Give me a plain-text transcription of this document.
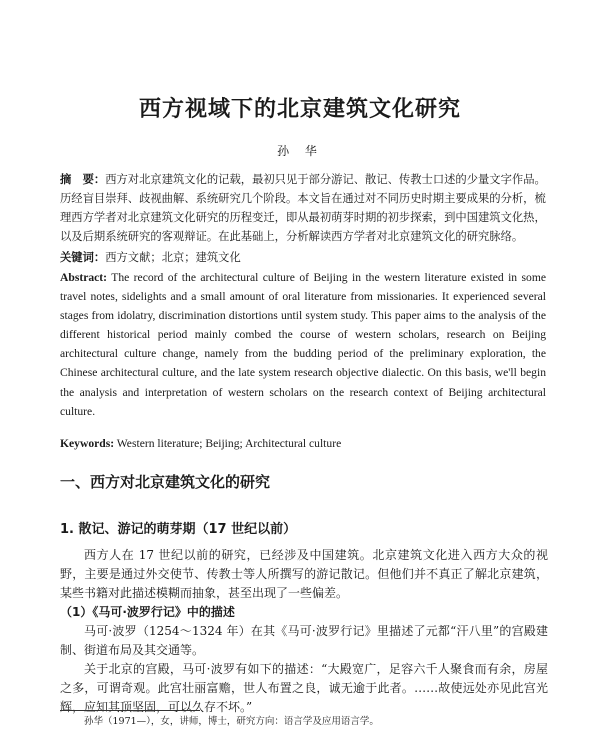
西方视域下的北京建筑文化研究
孙 华
摘　要：西方对北京建筑文化的记载，最初只见于部分游记、散记、传教士口述的少量文字作品。历经盲目崇拜、歧视曲解、系统研究几个阶段。本文旨在通过对不同历史时期主要成果的分析，梳理西方学者对北京建筑文化研究的历程变迁，即从最初萌芽时期的初步探索，到中国建筑文化热，以及后期系统研究的客观辩证。在此基础上，分析解读西方学者对北京建筑文化的研究脉络。
关键词：西方文献；北京；建筑文化
Abstract: The record of the architectural culture of Beijing in the western literature existed in some travel notes, sidelights and a small amount of oral literature from missionaries. It experienced several stages from idolatry, discrimination distortions until system study. This paper aims to the analysis of the different historical period mainly combed the course of western scholars, research on Beijing architectural culture change, namely from the budding period of the preliminary exploration, the Chinese architectural culture, and the late system research objective dialectic. On this basis, we'll begin the analysis and interpretation of western scholars on the research context of Beijing architectural culture.
Keywords: Western literature; Beijing; Architectural culture
一、西方对北京建筑文化的研究
1. 散记、游记的萌芽期（17 世纪以前）
西方人在 17 世纪以前的研究，已经涉及中国建筑。北京建筑文化进入西方大众的视野，主要是通过外交使节、传教士等人所撰写的游记散记。但他们并不真正了解北京建筑，某些书籍对此描述模糊而抽象，甚至出现了一些偏差。
（1）《马可·波罗行记》中的描述
马可·波罗（1254～1324 年）在其《马可·波罗行记》里描述了元都“汗八里”的宫殿建制、街道布局及其交通等。
关于北京的宫殿，马可·波罗有如下的描述：“大殿宽广，足容六千人聚食而有余，房屋之多，可谓奇观。此宫壮丽富赡，世人布置之良，诚无逾于此者。……故使远处亦见此宫光辉，应知其顶坚固，可以久存不坏。”
孙华（1971—），女，讲师，博士，研究方向：语言学及应用语言学。
